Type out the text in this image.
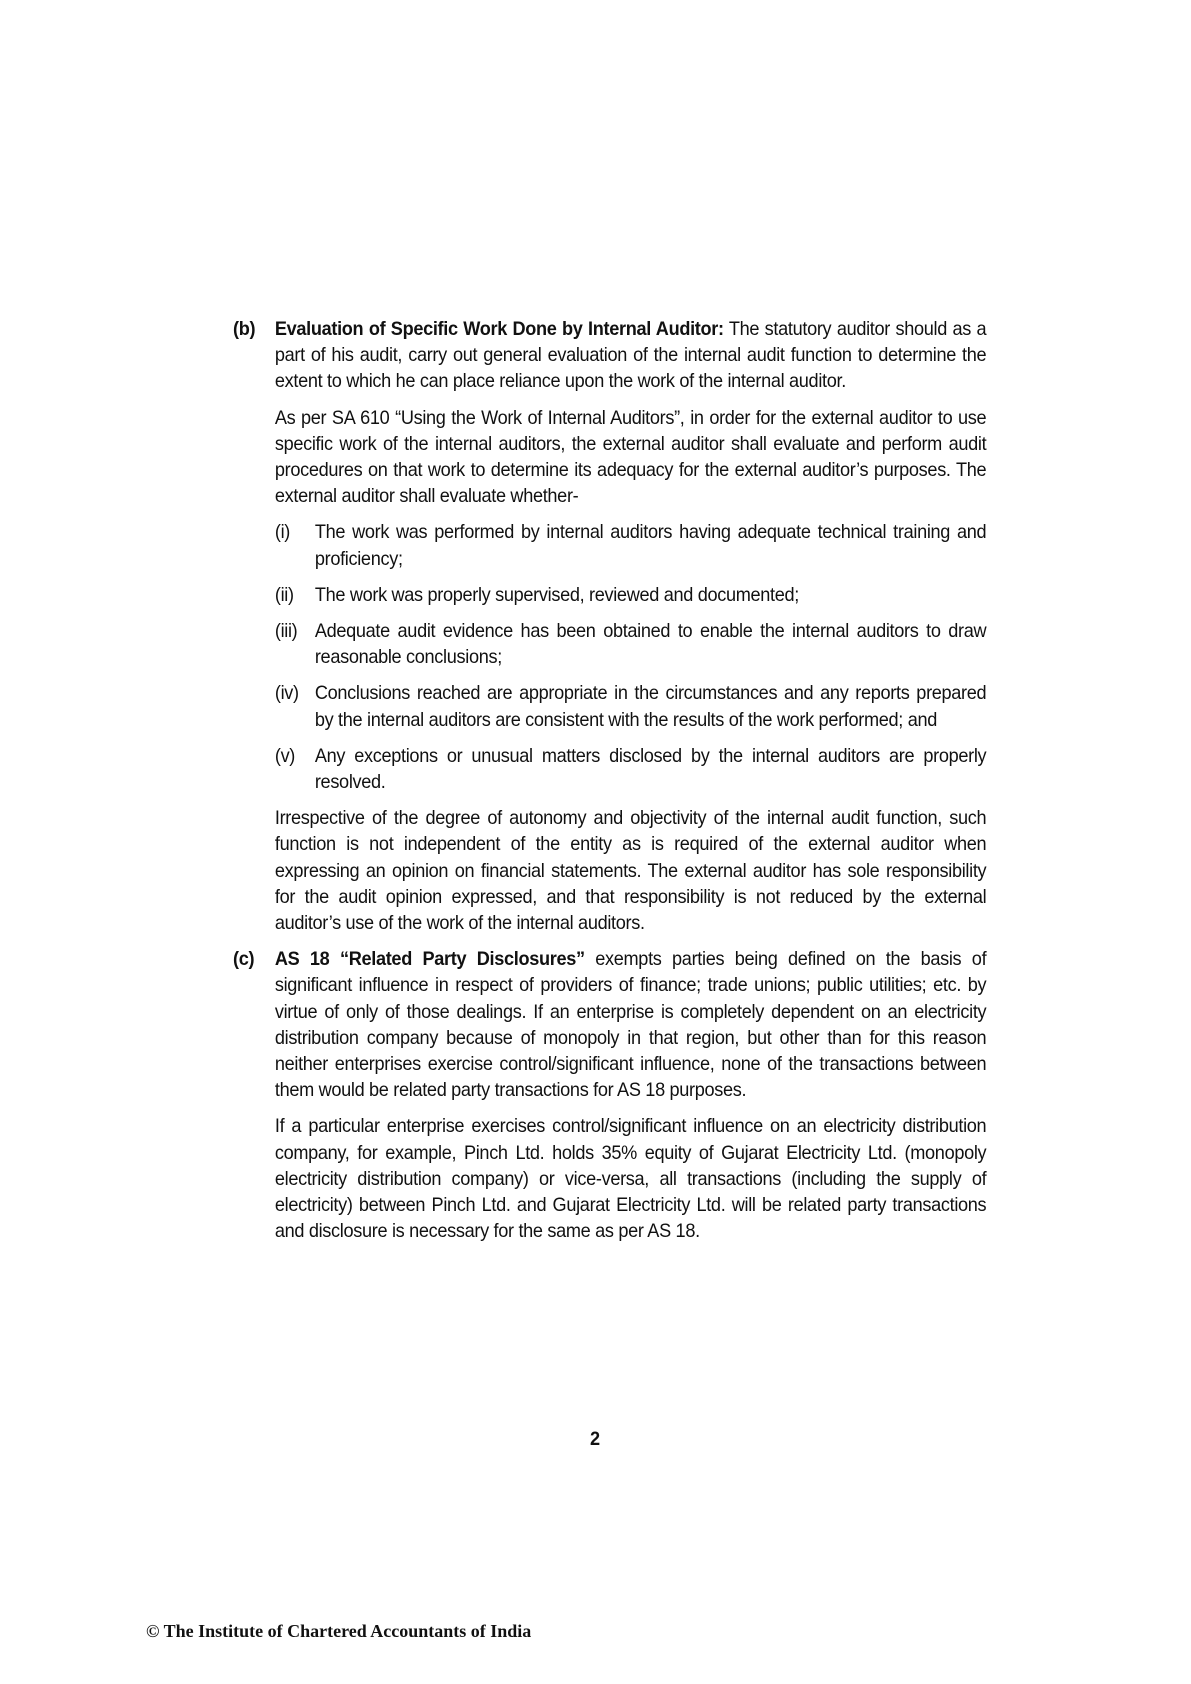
(b) Evaluation of Specific Work Done by Internal Auditor: The statutory auditor should as a part of his audit, carry out general evaluation of the internal audit function to determine the extent to which he can place reliance upon the work of the internal auditor.

As per SA 610 “Using the Work of Internal Auditors”, in order for the external auditor to use specific work of the internal auditors, the external auditor shall evaluate and perform audit procedures on that work to determine its adequacy for the external auditor’s purposes. The external auditor shall evaluate whether-

(i) The work was performed by internal auditors having adequate technical training and proficiency;
(ii) The work was properly supervised, reviewed and documented;
(iii) Adequate audit evidence has been obtained to enable the internal auditors to draw reasonable conclusions;
(iv) Conclusions reached are appropriate in the circumstances and any reports prepared by the internal auditors are consistent with the results of the work performed; and
(v) Any exceptions or unusual matters disclosed by the internal auditors are properly resolved.

Irrespective of the degree of autonomy and objectivity of the internal audit function, such function is not independent of the entity as is required of the external auditor when expressing an opinion on financial statements. The external auditor has sole responsibility for the audit opinion expressed, and that responsibility is not reduced by the external auditor’s use of the work of the internal auditors.

(c) AS 18 “Related Party Disclosures” exempts parties being defined on the basis of significant influence in respect of providers of finance; trade unions; public utilities; etc. by virtue of only of those dealings. If an enterprise is completely dependent on an electricity distribution company because of monopoly in that region, but other than for this reason neither enterprises exercise control/significant influence, none of the transactions between them would be related party transactions for AS 18 purposes.

If a particular enterprise exercises control/significant influence on an electricity distribution company, for example, Pinch Ltd. holds 35% equity of Gujarat Electricity Ltd. (monopoly electricity distribution company) or vice-versa, all transactions (including the supply of electricity) between Pinch Ltd. and Gujarat Electricity Ltd. will be related party transactions and disclosure is necessary for the same as per AS 18.

2
© The Institute of Chartered Accountants of India
